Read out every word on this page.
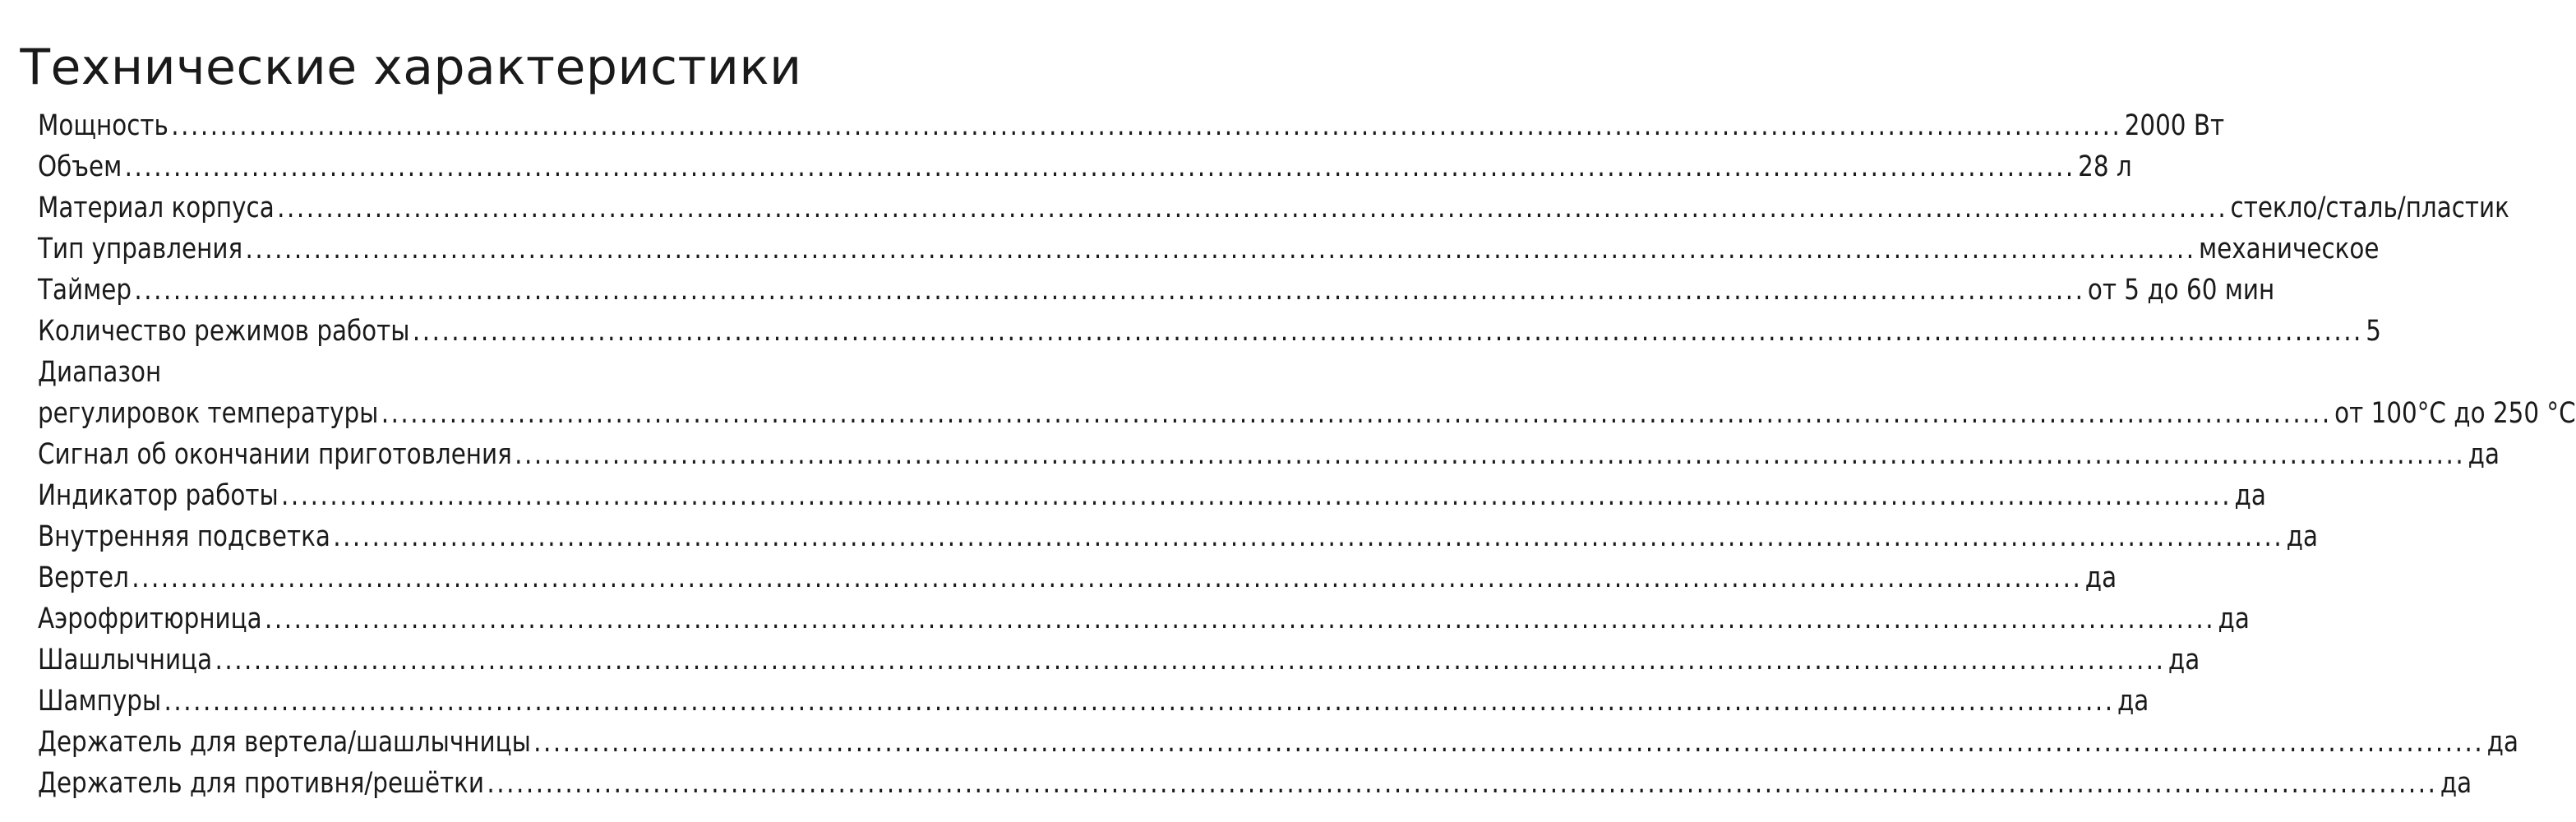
Технические характеристики
Мощность ........................................................................................................................................................................................................ 2000 Вт
Объем ........................................................................................................................................................................................................ 28 л
Материал корпуса ........................................................................................................................................................................................................ стекло/сталь/пластик
Тип управления ........................................................................................................................................................................................................ механическое
Таймер ........................................................................................................................................................................................................ от 5 до 60 мин
Количество режимов работы ........................................................................................................................................................................................................ 5
Диапазон
регулировок температуры ........................................................................................................................................................................................................ от 100°C до 250 °C
Сигнал об окончании приготовления ........................................................................................................................................................................................................ да
Индикатор работы ........................................................................................................................................................................................................ да
Внутренняя подсветка ........................................................................................................................................................................................................ да
Вертел ........................................................................................................................................................................................................ да
Аэрофритюрница ........................................................................................................................................................................................................ да
Шашлычница ........................................................................................................................................................................................................ да
Шампуры ........................................................................................................................................................................................................ да
Держатель для вертела/шашлычницы ........................................................................................................................................................................................................ да
Держатель для противня/решётки ........................................................................................................................................................................................................ да
